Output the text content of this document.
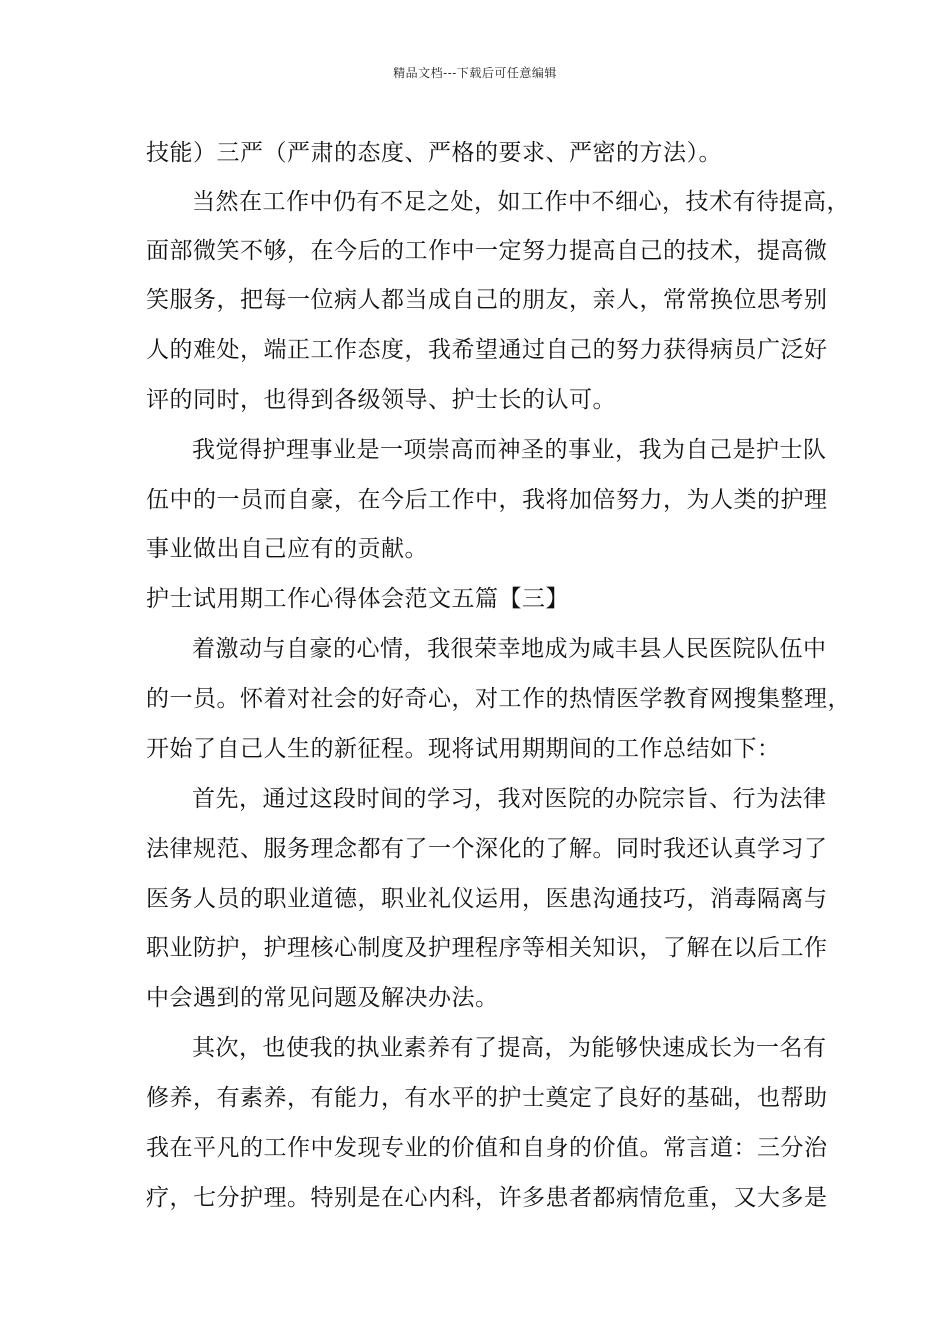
精品文档---下载后可任意编辑
技能）三严（严肃的态度、严格的要求、严密的方法）。
当然在工作中仍有不足之处，如工作中不细心，技术有待提高，
面部微笑不够，在今后的工作中一定努力提高自己的技术，提高微
笑服务，把每一位病人都当成自己的朋友，亲人，常常换位思考别
人的难处，端正工作态度，我希望通过自己的努力获得病员广泛好
评的同时，也得到各级领导、护士长的认可。
我觉得护理事业是一项崇高而神圣的事业，我为自己是护士队
伍中的一员而自豪，在今后工作中，我将加倍努力，为人类的护理
事业做出自己应有的贡献。
护士试用期工作心得体会范文五篇【三】
着激动与自豪的心情，我很荣幸地成为咸丰县人民医院队伍中
的一员。怀着对社会的好奇心，对工作的热情医学教育网搜集整理，
开始了自己人生的新征程。现将试用期期间的工作总结如下：
首先，通过这段时间的学习，我对医院的办院宗旨、行为法律
法律规范、服务理念都有了一个深化的了解。同时我还认真学习了
医务人员的职业道德，职业礼仪运用，医患沟通技巧，消毒隔离与
职业防护，护理核心制度及护理程序等相关知识，了解在以后工作
中会遇到的常见问题及解决办法。
其次，也使我的执业素养有了提高，为能够快速成长为一名有
修养，有素养，有能力，有水平的护士奠定了良好的基础，也帮助
我在平凡的工作中发现专业的价值和自身的价值。常言道：三分治
疗，七分护理。特别是在心内科，许多患者都病情危重，又大多是
